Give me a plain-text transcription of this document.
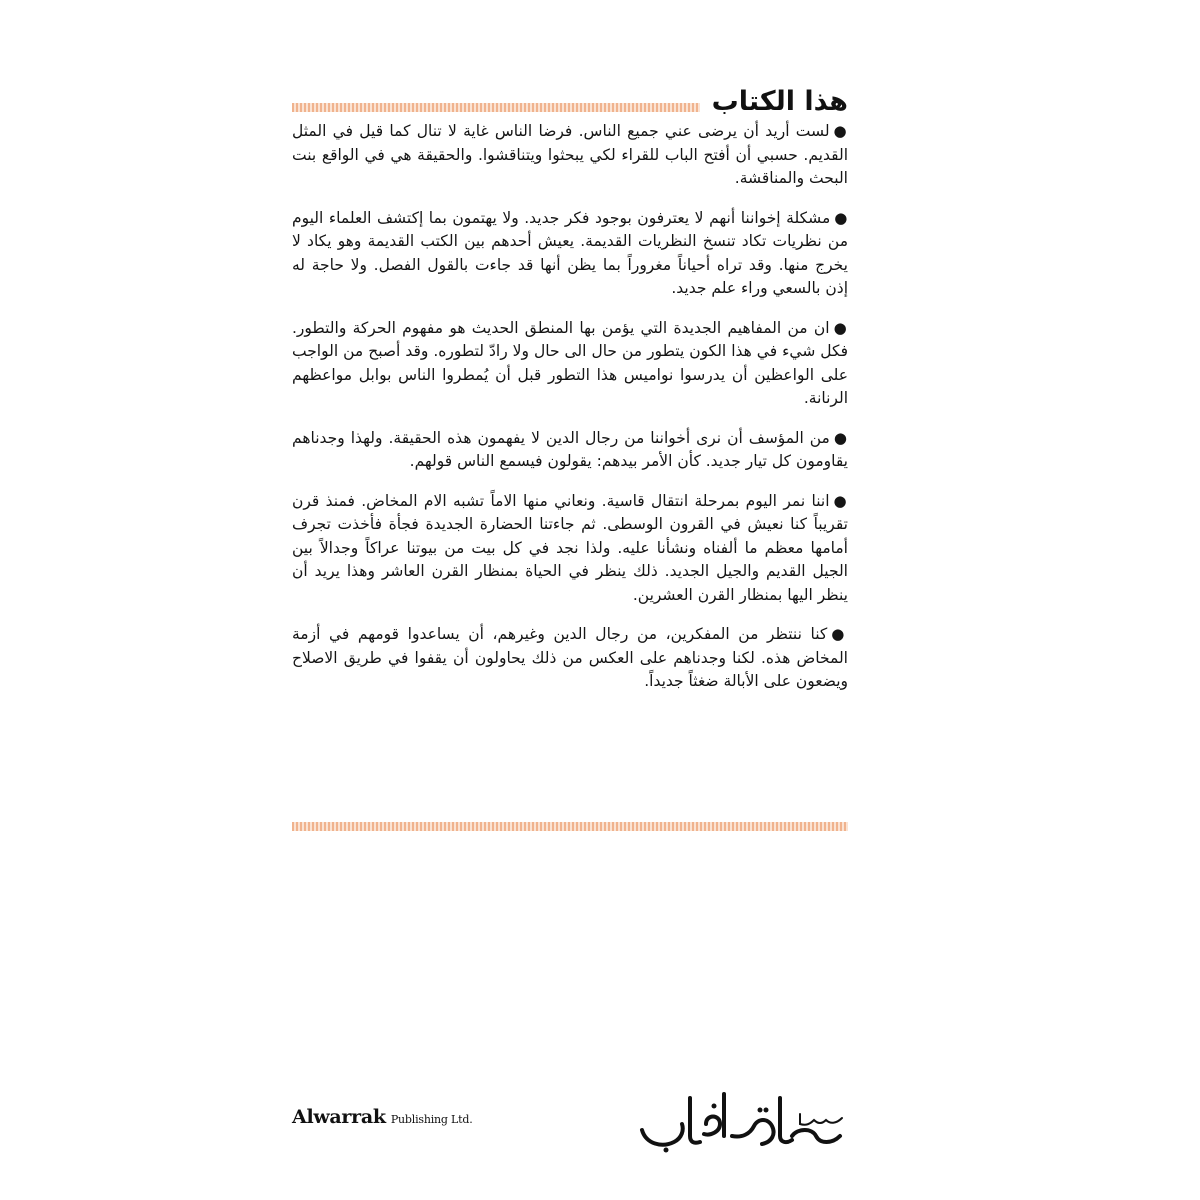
هذا الكتاب

●لست أريد أن يرضى عني جميع الناس. فرضا الناس غاية لا تنال كما قيل في المثل القديم. حسبي أن أفتح الباب للقراء لكي يبحثوا ويتناقشوا. والحقيقة هي في الواقع بنت البحث والمناقشة.

●مشكلة إخواننا أنهم لا يعترفون بوجود فكر جديد. ولا يهتمون بما إكتشف العلماء اليوم من نظريات تكاد تنسخ النظريات القديمة. يعيش أحدهم بين الكتب القديمة وهو يكاد لا يخرج منها. وقد تراه أحياناً مغروراً بما يظن أنها قد جاءت بالقول الفصل. ولا حاجة له إذن بالسعي وراء علم جديد.

●ان من المفاهيم الجديدة التي يؤمن بها المنطق الحديث هو مفهوم الحركة والتطور. فكل شيء في هذا الكون يتطور من حال الى حال ولا رادّ لتطوره. وقد أصبح من الواجب على الواعظين أن يدرسوا نواميس هذا التطور قبل أن يُمطروا الناس بوابل مواعظهم الرنانة.

●من المؤسف أن نرى أخواننا من رجال الدين لا يفهمون هذه الحقيقة. ولهذا وجدناهم يقاومون كل تيار جديد. كأن الأمر بيدهم: يقولون فيسمع الناس قولهم.

●اننا نمر اليوم بمرحلة انتقال قاسية. ونعاني منها الاماً تشبه الام المخاض. فمنذ قرن تقريباً كنا نعيش في القرون الوسطى. ثم جاءتنا الحضارة الجديدة فجأة فأخذت تجرف أمامها معظم ما ألفناه ونشأنا عليه. ولذا نجد في كل بيت من بيوتنا عراكاً وجدالاً بين الجيل القديم والجيل الجديد. ذلك ينظر في الحياة بمنظار القرن العاشر وهذا يريد أن ينظر اليها بمنظار القرن العشرين.

●كنا ننتظر من المفكرين، من رجال الدين وغيرهم، أن يساعدوا قومهم في أزمة المخاض هذه. لكنا وجدناهم على العكس من ذلك يحاولون أن يقفوا في طريق الاصلاح ويضعون على الأبالة ضغثاً جديداً.

Alwarrak Publishing Ltd.
